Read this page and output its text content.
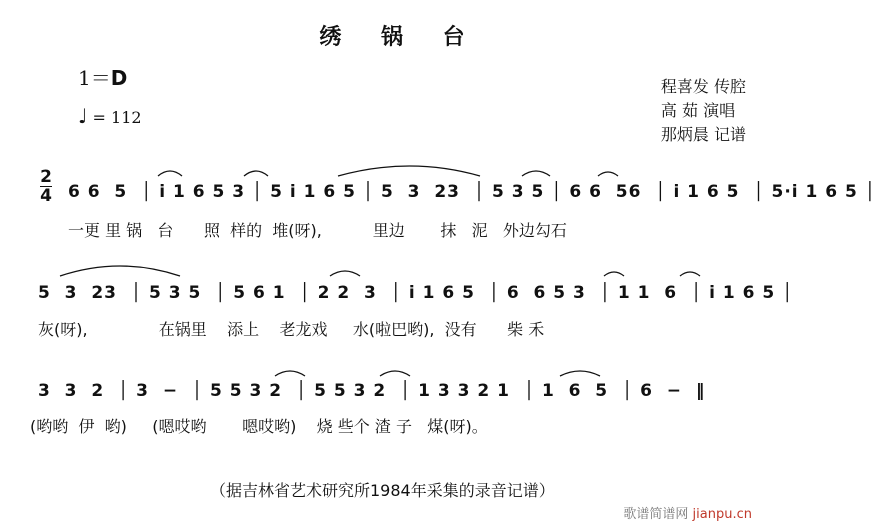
绣 锅 台
1＝D
♩ = 112
程喜发 传腔
高 茹 演唱
那炳晨 记谱
2
4 6 6  5  │ i 1 6 5 3 │ 5 i 1 6 5 │ 5  3  23  │ 5 3 5 │ 6 6  56  │ i 1 6 5  │ 5·i 1 6 5 │
一更 里 锅   台      照  样的  堆(呀),          里边       抹   泥   外边勾石
5  3  23  │ 5 3 5  │ 5 6 1  │ 2 2  3  │ i 1 6 5  │ 6  6 5 3  │ 1 1  6  │ i 1 6 5 │
灰(呀),              在锅里    添上    老龙戏     水(啦巴哟),  没有      柴 禾
3  3  2  │ 3  −  │ 5 5 3 2  │ 5 5 3 2  │ 1 3 3 2 1  │ 1  6  5  │ 6  −  ‖
(哟哟  伊  哟)     (嗯哎哟       嗯哎哟)    烧 些个 渣 子   煤(呀)。
（据吉林省艺术研究所1984年采集的录音记谱）
歌谱简谱网 jianpu.cn
